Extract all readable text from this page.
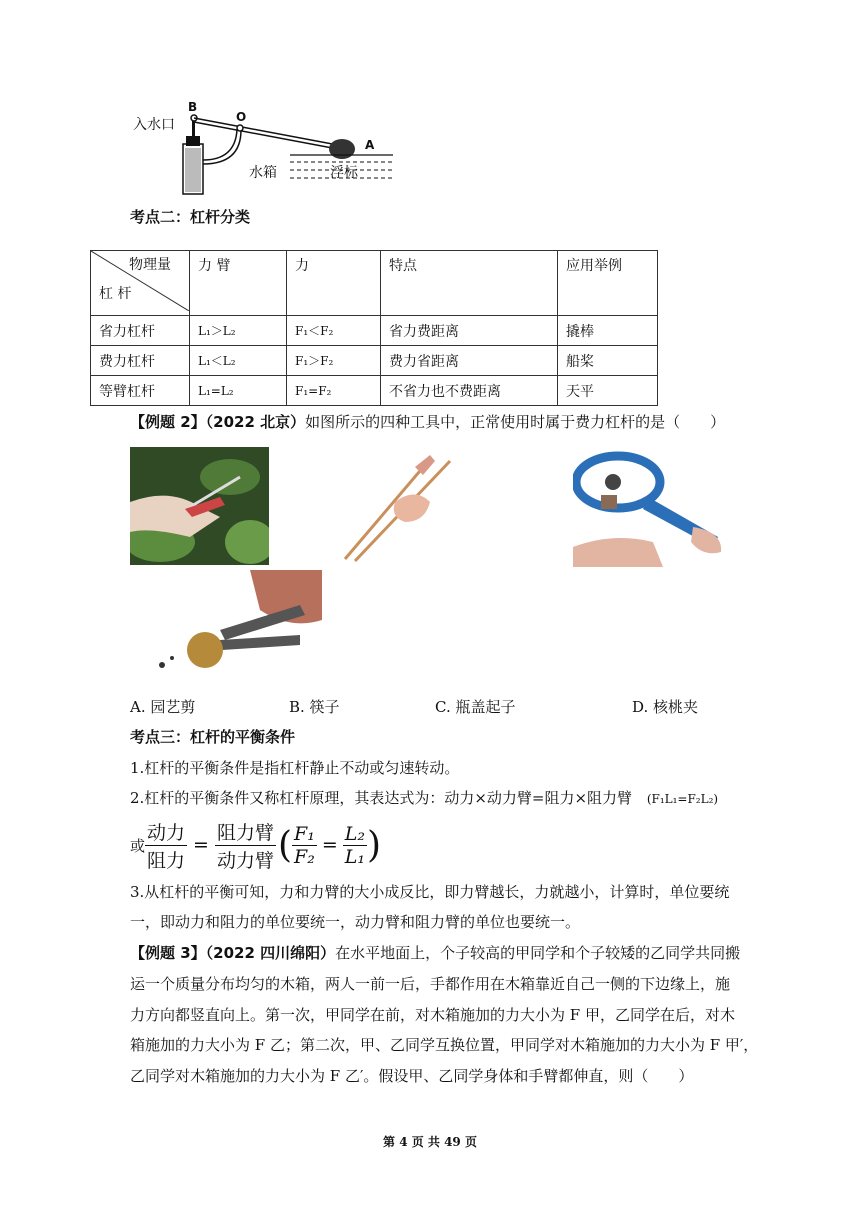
入水口
B
O
A
水箱	浮标
考点二：杠杆分类
物理量
杠 杆	力 臂	力	特点	应用举例
省力杠杆	L₁＞L₂	F₁＜F₂	省力费距离	撬棒
费力杠杆	L₁＜L₂	F₁＞F₂	费力省距离	船桨
等臂杠杆	L₁=L₂	F₁=F₂	不省力也不费距离	天平
【例题 2】（2022 北京）如图所示的四种工具中，正常使用时属于费力杠杆的是（　　）
A. 园艺剪	B. 筷子	C. 瓶盖起子	D. 核桃夹
考点三：杠杆的平衡条件
1.杠杆的平衡条件是指杠杆静止不动或匀速转动。
2.杠杆的平衡条件又称杠杆原理，其表达式为：动力×动力臂=阻力×阻力臂 (F₁L₁=F₂L₂)
或 $\frac{\text{动力}}{\text{阻力}} = \frac{\text{阻力臂}}{\text{动力臂}}$ ( $\frac{\text{F₁}}{\text{F₂}} = \frac{\text{L₂}}{\text{L₁}}$ )
3.从杠杆的平衡可知，力和力臂的大小成反比，即力臂越长，力就越小，计算时，单位要统
一，即动力和阻力的单位要统一，动力臂和阻力臂的单位也要统一。
【例题 3】（2022 四川绵阳）在水平地面上，个子较高的甲同学和个子较矮的乙同学共同搬
运一个质量分布均匀的木箱，两人一前一后，手都作用在木箱靠近自己一侧的下边缘上，施
力方向都竖直向上。第一次，甲同学在前，对木箱施加的力大小为 F 甲，乙同学在后，对木
箱施加的力大小为 F 乙；第二次，甲、乙同学互换位置，甲同学对木箱施加的力大小为 F 甲′，
乙同学对木箱施加的力大小为 F 乙′。假设甲、乙同学身体和手臂都伸直，则（　　）
第 4 页 共 49 页
